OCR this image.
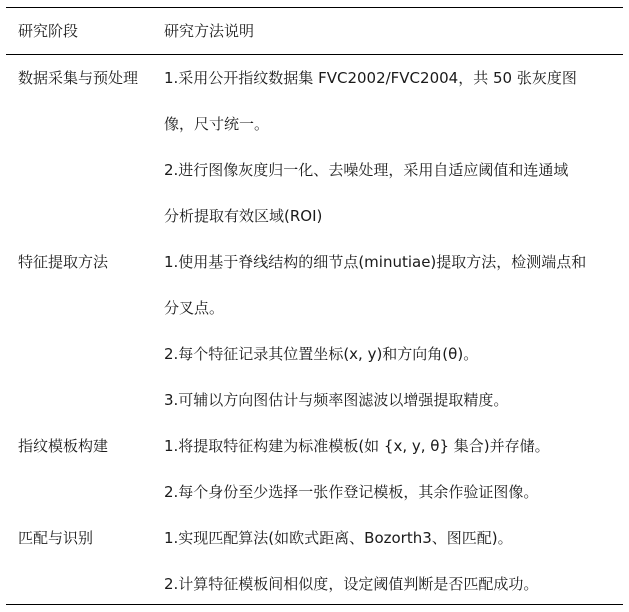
研究阶段	研究方法说明
数据采集与预处理 1.采用公开指纹数据集 FVC2002/FVC2004，共 50 张灰度图
像，尺寸统一。
2.进行图像灰度归一化、去噪处理，采用自适应阈值和连通域
分析提取有效区域(ROI)
特征提取方法	1.使用基于脊线结构的细节点(minutiae)提取方法，检测端点和
分叉点。
2.每个特征记录其位置坐标(x, y)和方向角(θ)。
3.可辅以方向图估计与频率图滤波以增强提取精度。
指纹模板构建	1.将提取特征构建为标准模板(如 {x, y, θ} 集合)并存储。
2.每个身份至少选择一张作登记模板，其余作验证图像。
匹配与识别	1.实现匹配算法(如欧式距离、Bozorth3、图匹配)。
2.计算特征模板间相似度，设定阈值判断是否匹配成功。
